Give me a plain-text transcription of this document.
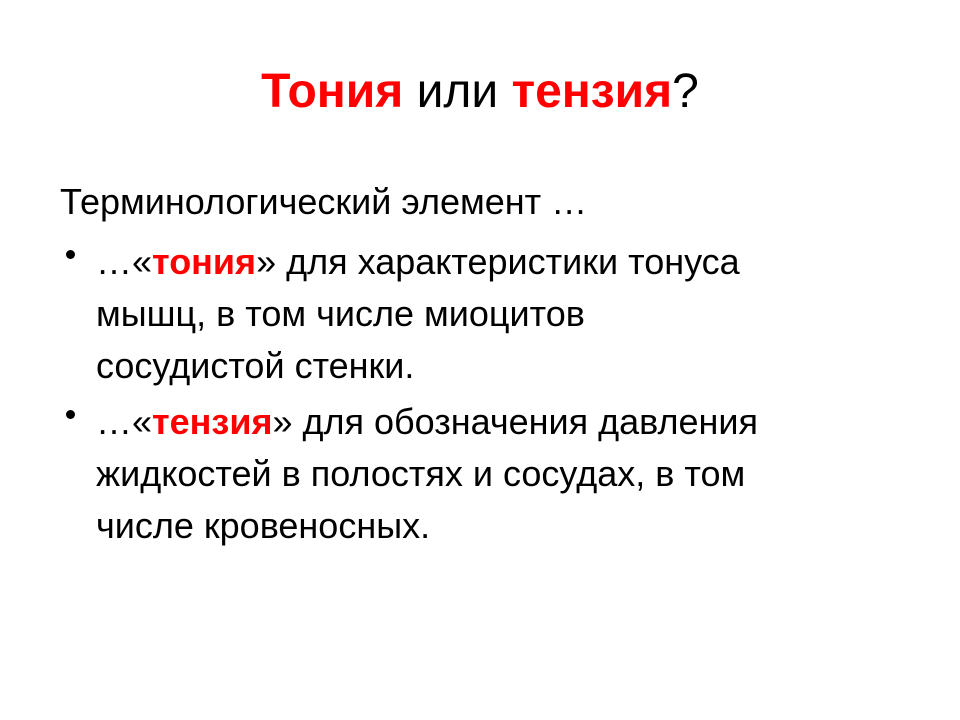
Тония или тензия?
Терминологический элемент …
…«тония» для характеристики тонуса
мышц, в том числе миоцитов
сосудистой стенки.
…«тензия» для обозначения давления
жидкостей в полостях и сосудах, в том
числе кровеносных.
